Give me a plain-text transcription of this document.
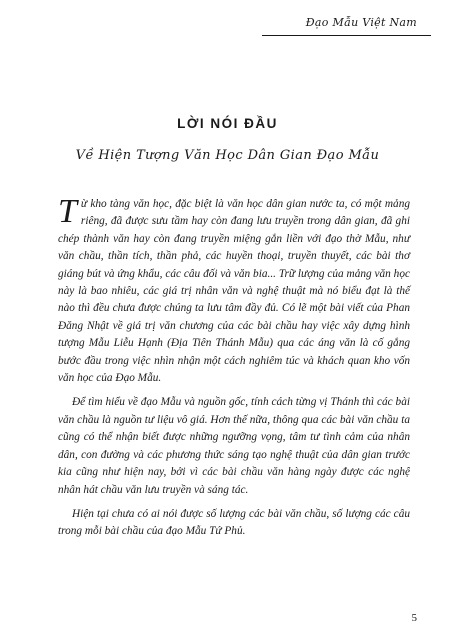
Đạo Mẫu Việt Nam
LỜI NÓI ĐẦU
Về Hiện Tượng Văn Học Dân Gian Đạo Mẫu

Từ kho tàng văn học, đặc biệt là văn học dân gian nước ta, có một mảng riêng, đã được sưu tầm hay còn đang lưu truyền trong dân gian, đã ghi chép thành văn hay còn đang truyền miệng gắn liền với đạo thờ Mẫu, như văn chầu, thần tích, thần phả, các huyền thoại, truyền thuyết, các bài thơ giáng bút và ứng khẩu, các câu đối và văn bia... Trữ lượng của mảng văn học này là bao nhiêu, các giá trị nhân văn và nghệ thuật mà nó biểu đạt là thế nào thì đều chưa được chúng ta lưu tâm đầy đủ. Có lẽ một bài viết của Phan Đăng Nhật về giá trị văn chương của các bài chầu hay việc xây dựng hình tượng Mẫu Liễu Hạnh (Địa Tiên Thánh Mẫu) qua các áng văn là cố gắng bước đầu trong việc nhìn nhận một cách nghiêm túc và khách quan kho vốn văn học của Đạo Mẫu.

Để tìm hiểu về đạo Mẫu và nguồn gốc, tính cách từng vị Thánh thì các bài văn chầu là nguồn tư liệu vô giá. Hơn thế nữa, thông qua các bài văn chầu ta cũng có thể nhận biết được những ngưỡng vọng, tâm tư tình cảm của nhân dân, con đường và các phương thức sáng tạo nghệ thuật của dân gian trước kia cũng như hiện nay, bởi vì các bài chầu văn hàng ngày được các nghệ nhân hát chầu văn lưu truyền và sáng tác.

Hiện tại chưa có ai nói được số lượng các bài văn chầu, số lượng các câu trong mỗi bài chầu của đạo Mẫu Tứ Phủ.

5
